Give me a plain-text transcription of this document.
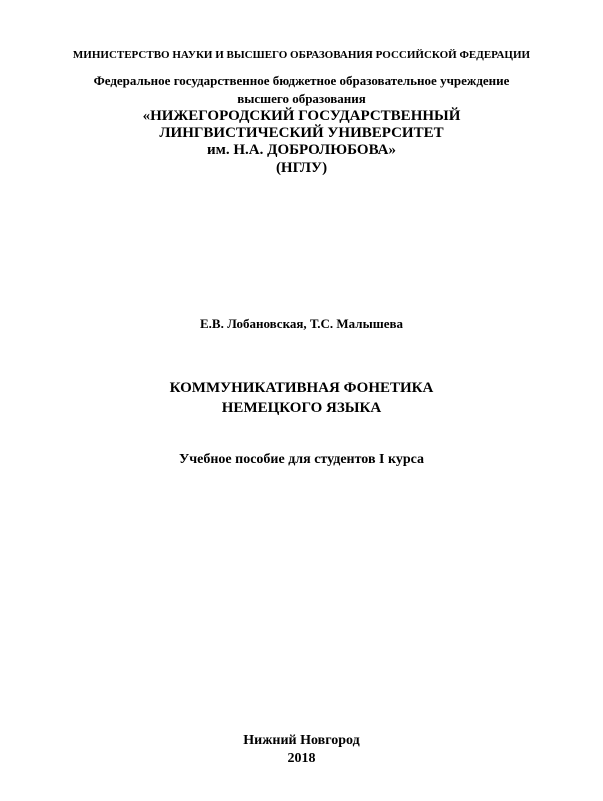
МИНИСТЕРСТВО НАУКИ И ВЫСШЕГО ОБРАЗОВАНИЯ РОССИЙСКОЙ ФЕДЕРАЦИИ
Федеральное государственное бюджетное образовательное учреждение
высшего образования
«НИЖЕГОРОДСКИЙ ГОСУДАРСТВЕННЫЙ
ЛИНГВИСТИЧЕСКИЙ УНИВЕРСИТЕТ
им. Н.А. ДОБРОЛЮБОВА»
(НГЛУ)
Е.В. Лобановская, Т.С. Малышева
КОММУНИКАТИВНАЯ ФОНЕТИКА
НЕМЕЦКОГО ЯЗЫКА
Учебное пособие для студентов I курса
Нижний Новгород
2018
